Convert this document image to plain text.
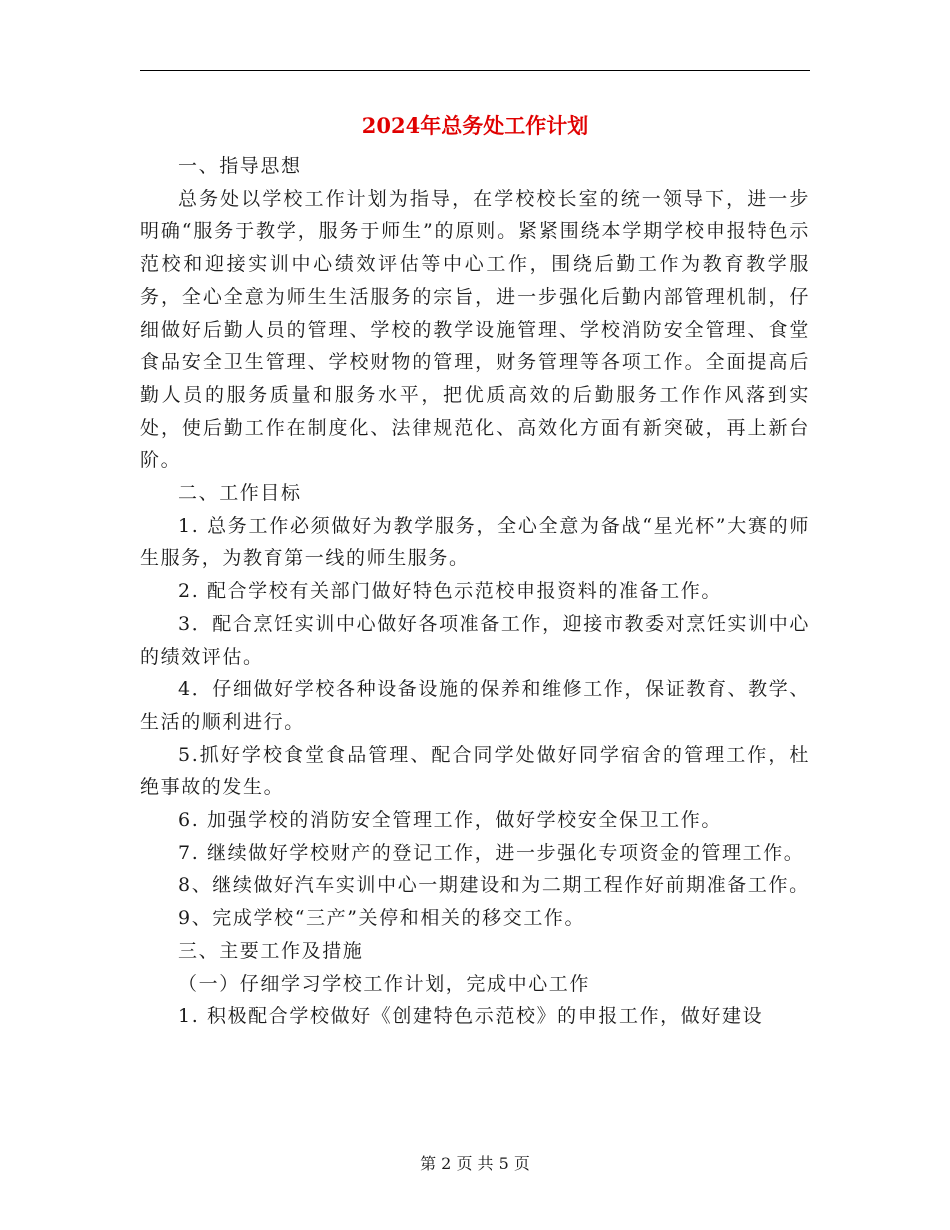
2024年总务处工作计划

一、指导思想

总务处以学校工作计划为指导，在学校校长室的统一领导下，进一步明确“服务于教学，服务于师生”的原则。紧紧围绕本学期学校申报特色示范校和迎接实训中心绩效评估等中心工作，围绕后勤工作为教育教学服务，全心全意为师生生活服务的宗旨，进一步强化后勤内部管理机制，仔细做好后勤人员的管理、学校的教学设施管理、学校消防安全管理、食堂食品安全卫生管理、学校财物的管理，财务管理等各项工作。全面提高后勤人员的服务质量和服务水平，把优质高效的后勤服务工作作风落到实处，使后勤工作在制度化、法律规范化、高效化方面有新突破，再上新台阶。

二、工作目标

1. 总务工作必须做好为教学服务，全心全意为备战“星光杯”大赛的师生服务，为教育第一线的师生服务。

2. 配合学校有关部门做好特色示范校申报资料的准备工作。

3．配合烹饪实训中心做好各项准备工作，迎接市教委对烹饪实训中心的绩效评估。

4．仔细做好学校各种设备设施的保养和维修工作，保证教育、教学、生活的顺利进行。

5.抓好学校食堂食品管理、配合同学处做好同学宿舍的管理工作，杜绝事故的发生。

6. 加强学校的消防安全管理工作，做好学校安全保卫工作。

7. 继续做好学校财产的登记工作，进一步强化专项资金的管理工作。

8、继续做好汽车实训中心一期建设和为二期工程作好前期准备工作。

9、完成学校“三产”关停和相关的移交工作。

三、主要工作及措施

（一）仔细学习学校工作计划，完成中心工作

1. 积极配合学校做好《创建特色示范校》的申报工作，做好建设

第 2 页 共 5 页
